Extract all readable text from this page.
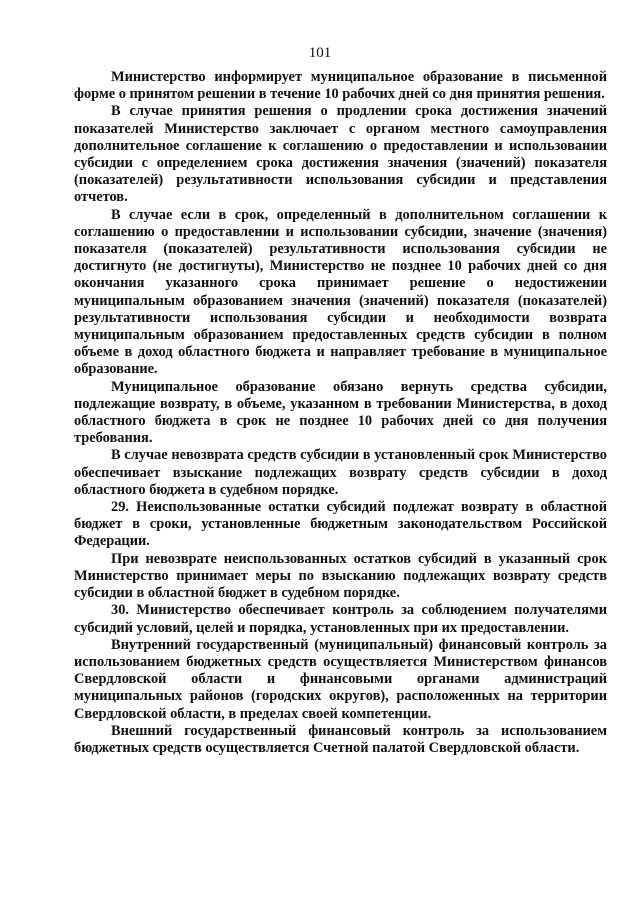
101

Министерство информирует муниципальное образование в письменной форме о принятом решении в течение 10 рабочих дней со дня принятия решения.

В случае принятия решения о продлении срока достижения значений показателей Министерство заключает с органом местного самоуправления дополнительное соглашение к соглашению о предоставлении и использовании субсидии с определением срока достижения значения (значений) показателя (показателей) результативности использования субсидии и представления отчетов.

В случае если в срок, определенный в дополнительном соглашении к соглашению о предоставлении и использовании субсидии, значение (значения) показателя (показателей) результативности использования субсидии не достигнуто (не достигнуты), Министерство не позднее 10 рабочих дней со дня окончания указанного срока принимает решение о недостижении муниципальным образованием значения (значений) показателя (показателей) результативности использования субсидии и необходимости возврата муниципальным образованием предоставленных средств субсидии в полном объеме в доход областного бюджета и направляет требование в муниципальное образование.

Муниципальное образование обязано вернуть средства субсидии, подлежащие возврату, в объеме, указанном в требовании Министерства, в доход областного бюджета в срок не позднее 10 рабочих дней со дня получения требования.

В случае невозврата средств субсидии в установленный срок Министерство обеспечивает взыскание подлежащих возврату средств субсидии в доход областного бюджета в судебном порядке.

29. Неиспользованные остатки субсидий подлежат возврату в областной бюджет в сроки, установленные бюджетным законодательством Российской Федерации.

При невозврате неиспользованных остатков субсидий в указанный срок Министерство принимает меры по взысканию подлежащих возврату средств субсидии в областной бюджет в судебном порядке.

30. Министерство обеспечивает контроль за соблюдением получателями субсидий условий, целей и порядка, установленных при их предоставлении.

Внутренний государственный (муниципальный) финансовый контроль за использованием бюджетных средств осуществляется Министерством финансов Свердловской области и финансовыми органами администраций муниципальных районов (городских округов), расположенных на территории Свердловской области, в пределах своей компетенции.

Внешний государственный финансовый контроль за использованием бюджетных средств осуществляется Счетной палатой Свердловской области.
